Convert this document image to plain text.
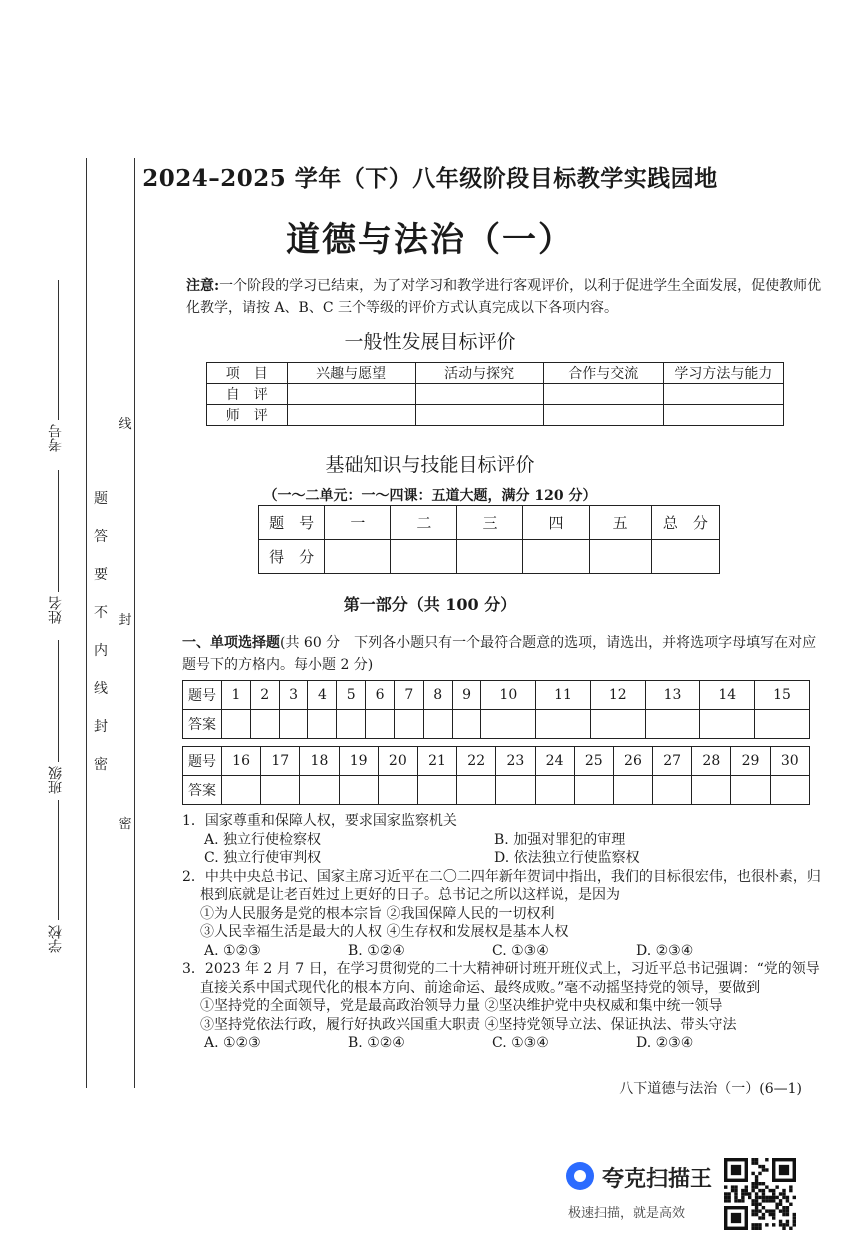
考号
姓名
班级
学校
线
封
密
题
答
要
不
内
线
封
密
2024–2025 学年（下）八年级阶段目标教学实践园地
道德与法治（一）
注意:一个阶段的学习已结束，为了对学习和教学进行客观评价，以利于促进学生全面发展，促使教师优化教学，请按 A、B、C 三个等级的评价方式认真完成以下各项内容。
一般性发展目标评价
项　目	兴趣与愿望	活动与探究	合作与交流	学习方法与能力
自　评				
师　评				
基础知识与技能目标评价
（一～二单元：一～四课：五道大题，满分 120 分）
题　号	一	二	三	四	五	总　分
得　分						
第一部分（共 100 分）
一、单项选择题(共 60 分　下列各小题只有一个最符合题意的选项，请选出，并将选项字母填写在对应题号下的方格内。每小题 2 分)
题号	1	2	3	4	5	6	7	8	9	10	11	12	13	14	15
答案															
题号	16	17	18	19	20	21	22	23	24	25	26	27	28	29	30
答案															
1．国家尊重和保障人权，要求国家监察机关
A. 独立行使检察权	B. 加强对罪犯的审理
C. 独立行使审判权	D. 依法独立行使监察权
2．中共中央总书记、国家主席习近平在二〇二四年新年贺词中指出，我们的目标很宏伟，也很朴素，归根到底就是让老百姓过上更好的日子。总书记之所以这样说，是因为
①为人民服务是党的根本宗旨 ②我国保障人民的一切权利
③人民幸福生活是最大的人权 ④生存权和发展权是基本人权
A. ①②③	B. ①②④	C. ①③④	D. ②③④
3．2023 年 2 月 7 日，在学习贯彻党的二十大精神研讨班开班仪式上，习近平总书记强调：“党的领导直接关系中国式现代化的根本方向、前途命运、最终成败。”毫不动摇坚持党的领导，要做到
①坚持党的全面领导，党是最高政治领导力量 ②坚决维护党中央权威和集中统一领导
③坚持党依法行政，履行好执政兴国重大职责 ④坚持党领导立法、保证执法、带头守法
A. ①②③	B. ①②④	C. ①③④	D. ②③④
八下道德与法治（一）(6—1)
夸克扫描王
极速扫描，就是高效
